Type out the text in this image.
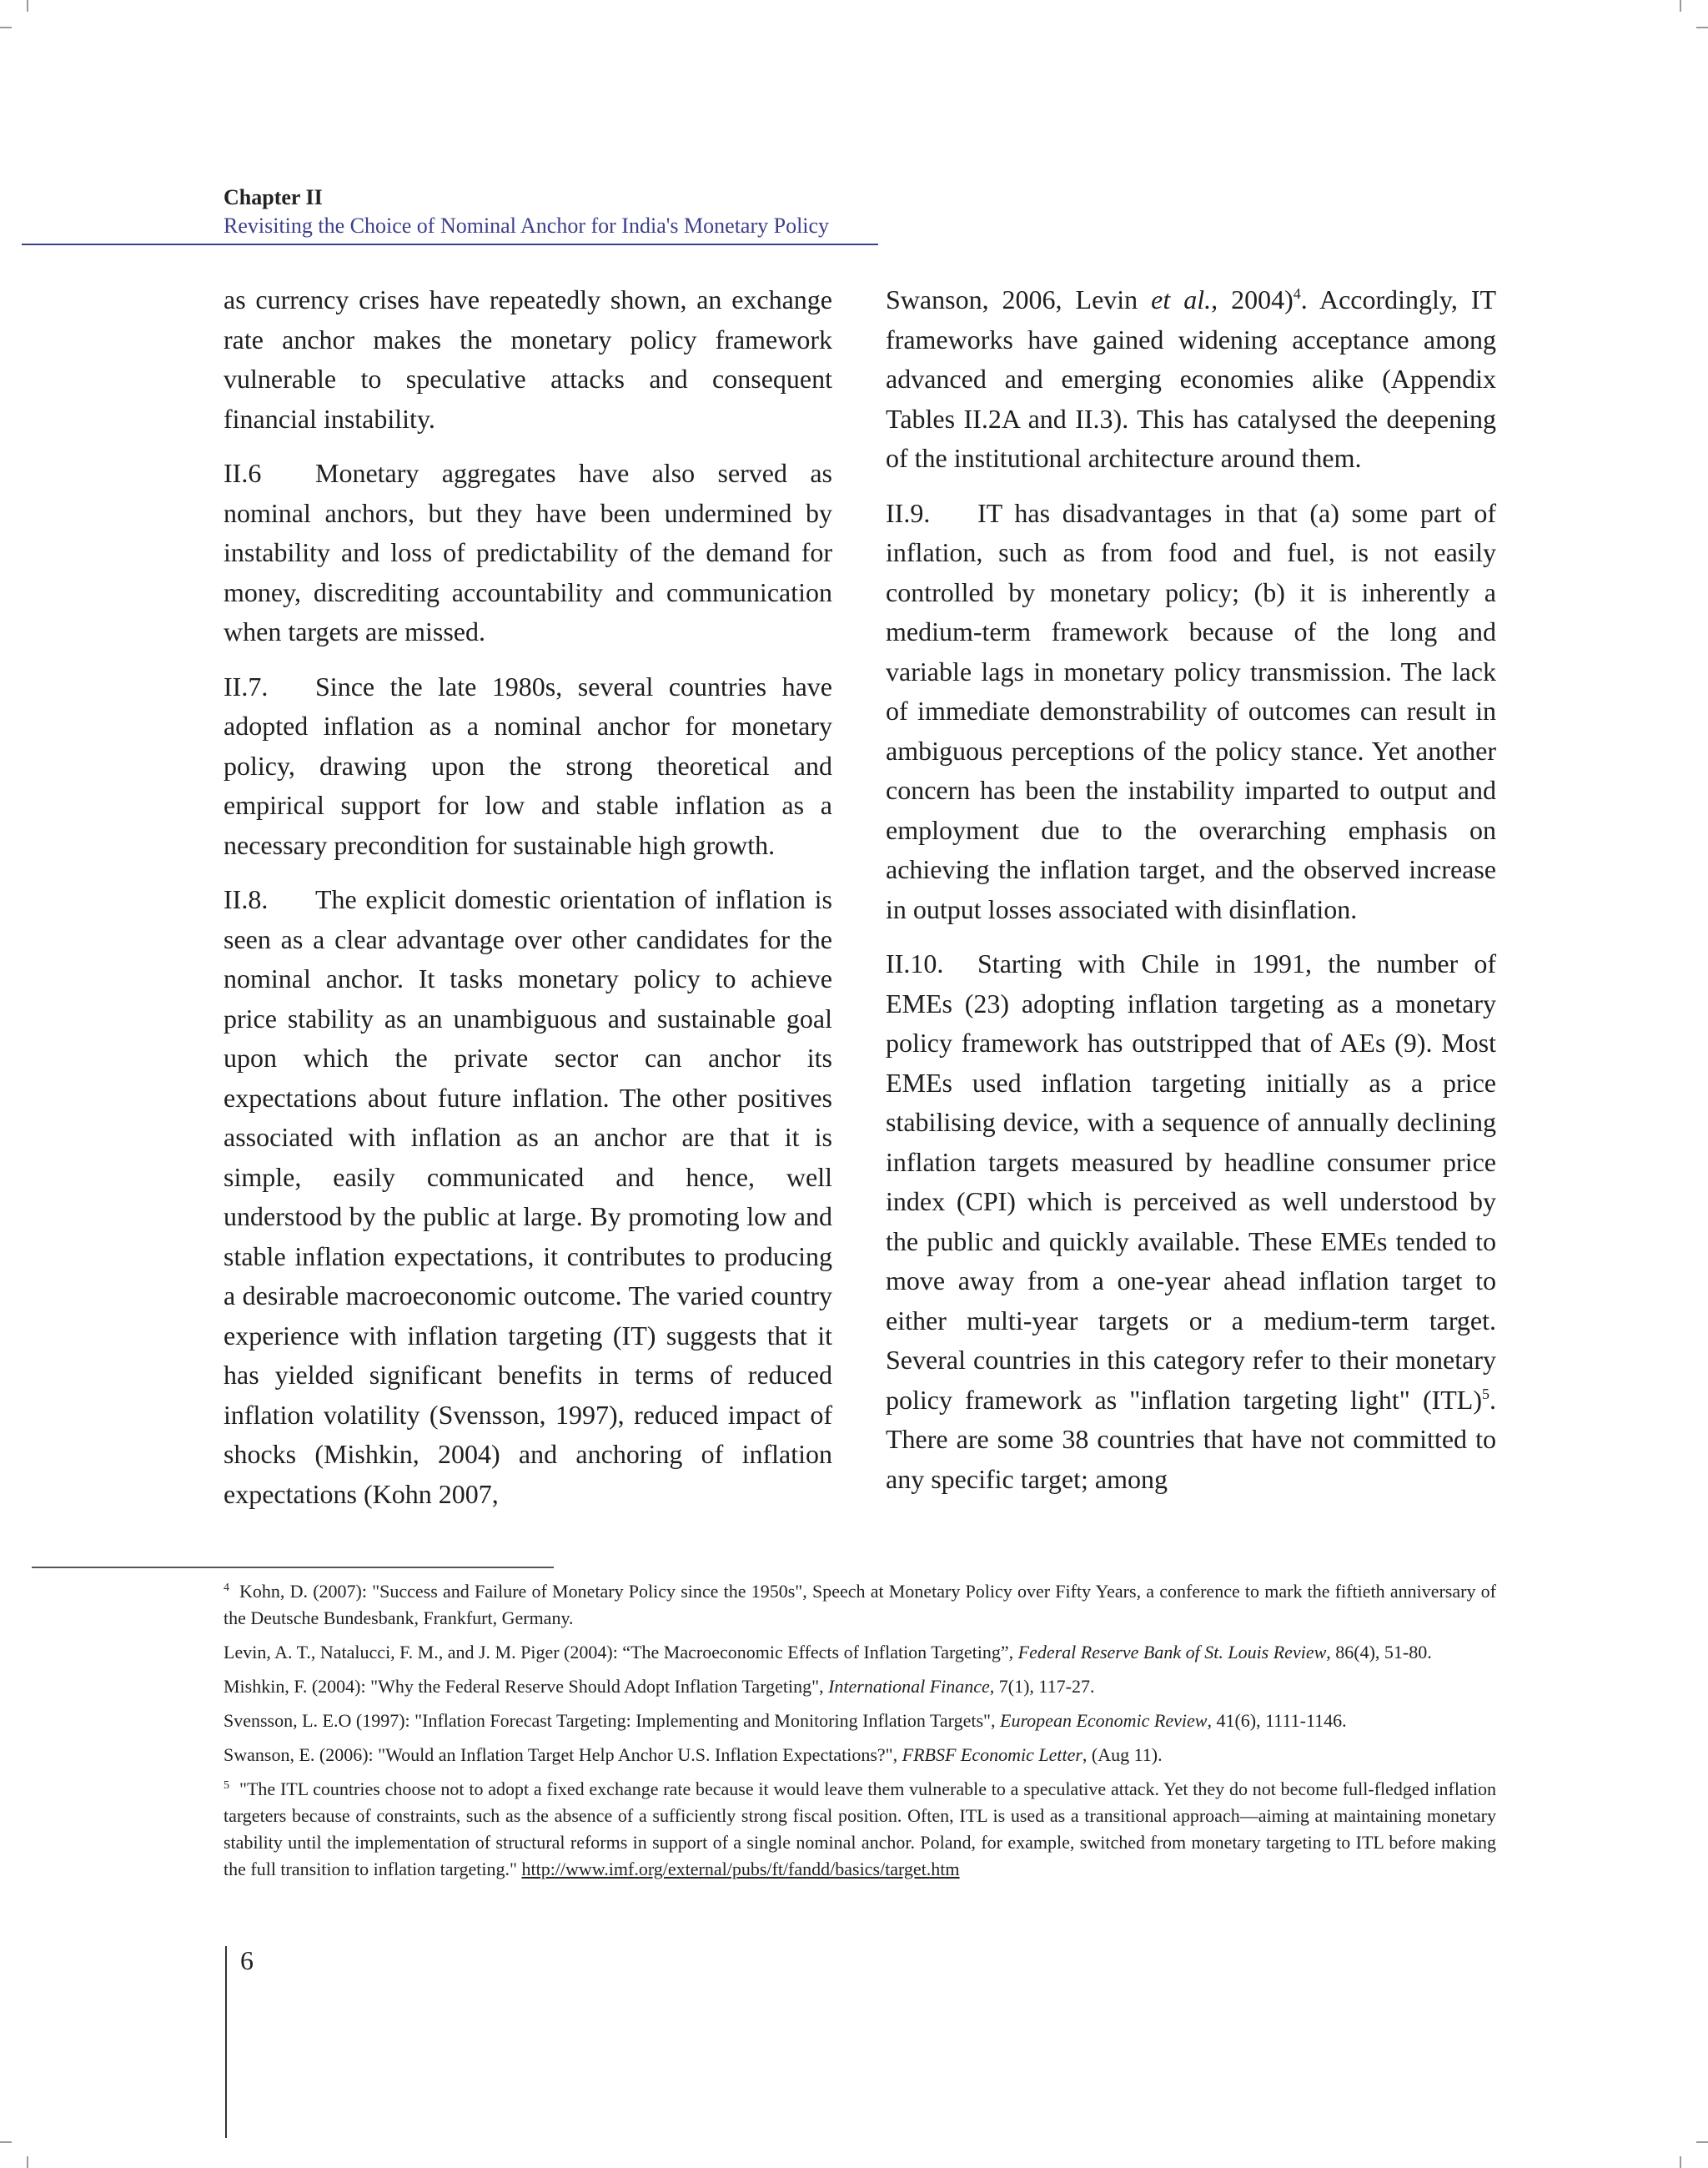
Chapter II
Revisiting the Choice of Nominal Anchor for India's Monetary Policy

as currency crises have repeatedly shown, an exchange rate anchor makes the monetary policy framework vulnerable to speculative attacks and consequent financial instability.

II.6 Monetary aggregates have also served as nominal anchors, but they have been undermined by instability and loss of predictability of the demand for money, discrediting accountability and communication when targets are missed.

II.7. Since the late 1980s, several countries have adopted inflation as a nominal anchor for monetary policy, drawing upon the strong theoretical and empirical support for low and stable inflation as a necessary precondition for sustainable high growth.

II.8. The explicit domestic orientation of inflation is seen as a clear advantage over other candidates for the nominal anchor. It tasks monetary policy to achieve price stability as an unambiguous and sustainable goal upon which the private sector can anchor its expectations about future inflation. The other positives associated with inflation as an anchor are that it is simple, easily communicated and hence, well understood by the public at large. By promoting low and stable inflation expectations, it contributes to producing a desirable macroeconomic outcome. The varied country experience with inflation targeting (IT) suggests that it has yielded significant benefits in terms of reduced inflation volatility (Svensson, 1997), reduced impact of shocks (Mishkin, 2004) and anchoring of inflation expectations (Kohn 2007,

Swanson, 2006, Levin et al., 2004)$^4$. Accordingly, IT frameworks have gained widening acceptance among advanced and emerging economies alike (Appendix Tables II.2A and II.3). This has catalysed the deepening of the institutional architecture around them.

II.9. IT has disadvantages in that (a) some part of inflation, such as from food and fuel, is not easily controlled by monetary policy; (b) it is inherently a medium-term framework because of the long and variable lags in monetary policy transmission. The lack of immediate demonstrability of outcomes can result in ambiguous perceptions of the policy stance. Yet another concern has been the instability imparted to output and employment due to the overarching emphasis on achieving the inflation target, and the observed increase in output losses associated with disinflation.

II.10. Starting with Chile in 1991, the number of EMEs (23) adopting inflation targeting as a monetary policy framework has outstripped that of AEs (9). Most EMEs used inflation targeting initially as a price stabilising device, with a sequence of annually declining inflation targets measured by headline consumer price index (CPI) which is perceived as well understood by the public and quickly available. These EMEs tended to move away from a one-year ahead inflation target to either multi-year targets or a medium-term target. Several countries in this category refer to their monetary policy framework as "inflation targeting light" (ITL)$^5$. There are some 38 countries that have not committed to any specific target; among

$^4$ Kohn, D. (2007): "Success and Failure of Monetary Policy since the 1950s", Speech at Monetary Policy over Fifty Years, a conference to mark the fiftieth anniversary of the Deutsche Bundesbank, Frankfurt, Germany.

Levin, A. T., Natalucci, F. M., and J. M. Piger (2004): “The Macroeconomic Effects of Inflation Targeting”, Federal Reserve Bank of St. Louis Review, 86(4), 51-80.

Mishkin, F. (2004): "Why the Federal Reserve Should Adopt Inflation Targeting", International Finance, 7(1), 117-27.

Svensson, L. E.O (1997): "Inflation Forecast Targeting: Implementing and Monitoring Inflation Targets", European Economic Review, 41(6), 1111-1146.

Swanson, E. (2006): "Would an Inflation Target Help Anchor U.S. Inflation Expectations?", FRBSF Economic Letter, (Aug 11).

$^5$ "The ITL countries choose not to adopt a fixed exchange rate because it would leave them vulnerable to a speculative attack. Yet they do not become full-fledged inflation targeters because of constraints, such as the absence of a sufficiently strong fiscal position. Often, ITL is used as a transitional approach—aiming at maintaining monetary stability until the implementation of structural reforms in support of a single nominal anchor. Poland, for example, switched from monetary targeting to ITL before making the full transition to inflation targeting." http://www.imf.org/external/pubs/ft/fandd/basics/target.htm

6
